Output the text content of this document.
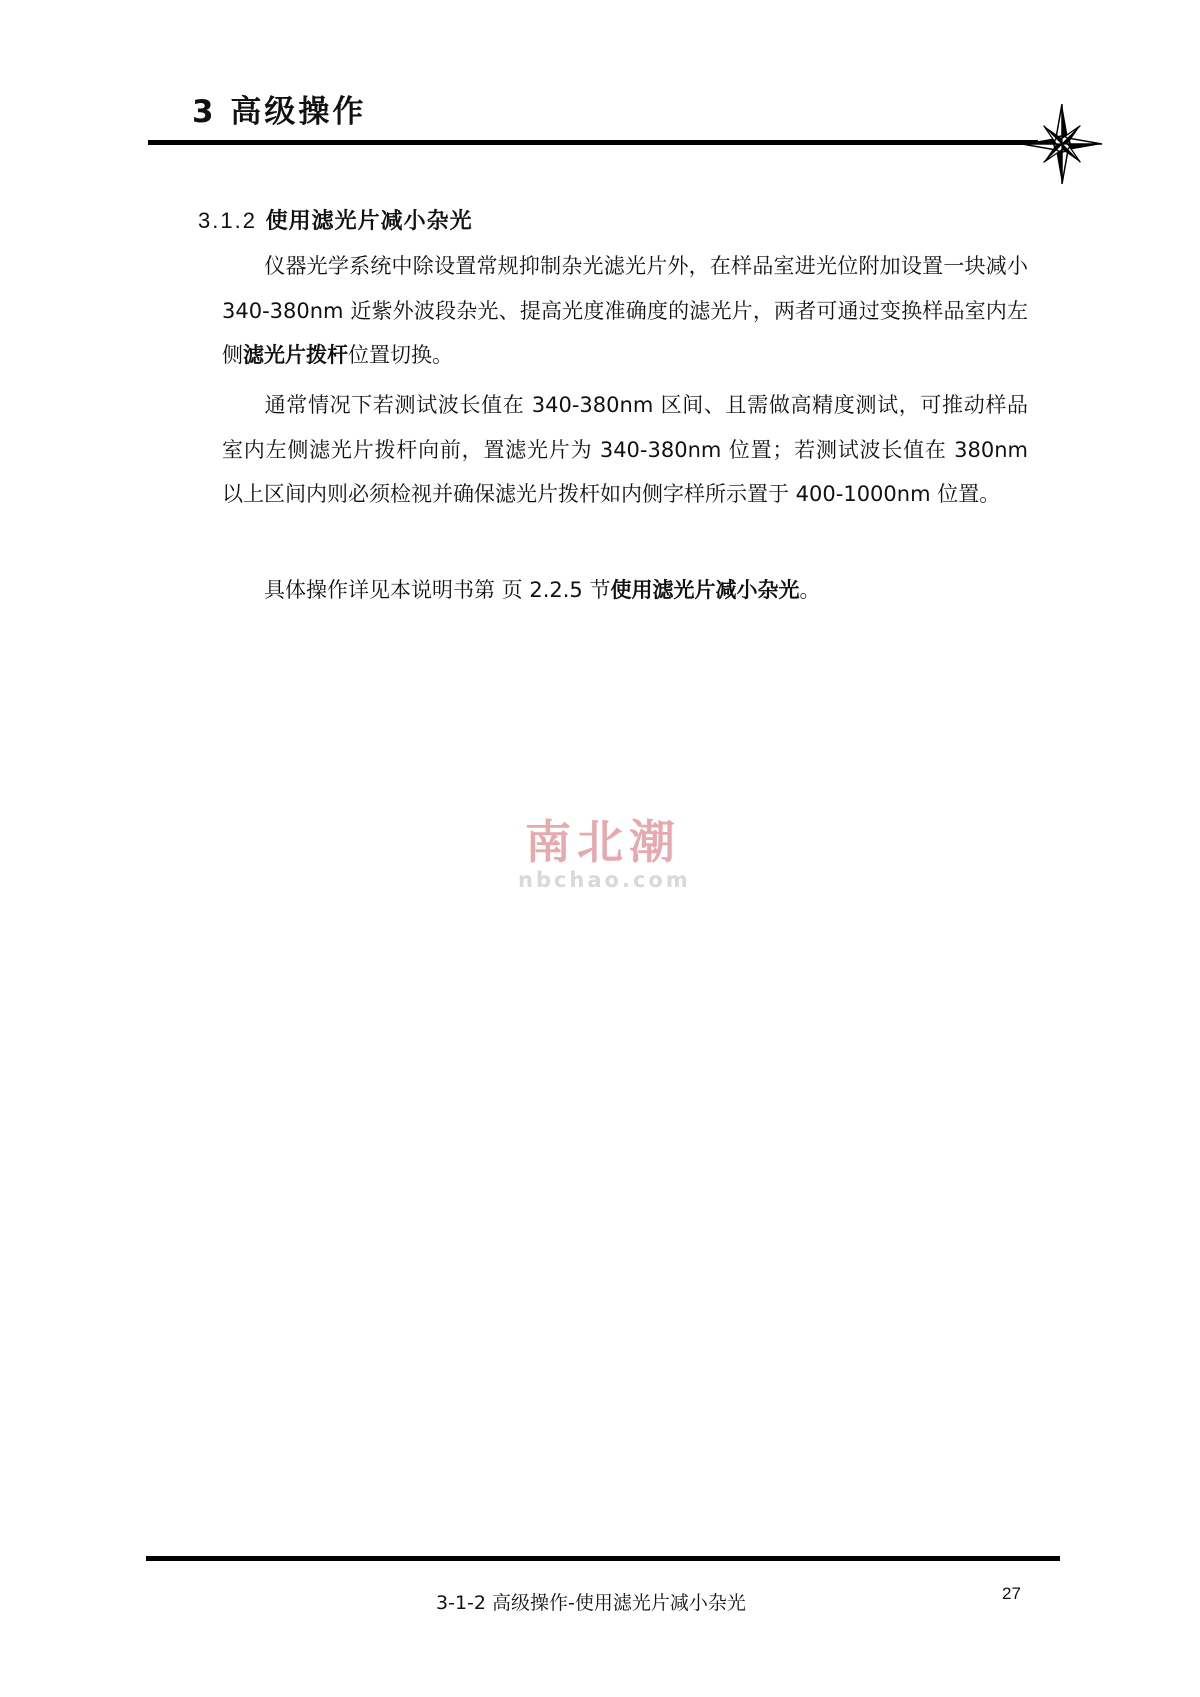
3 高级操作
3.1.2 使用滤光片减小杂光
仪器光学系统中除设置常规抑制杂光滤光片外，在样品室进光位附加设置一块减小 340-380nm 近紫外波段杂光、提高光度准确度的滤光片，两者可通过变换样品室内左侧滤光片拨杆位置切换。
通常情况下若测试波长值在 340-380nm 区间、且需做高精度测试，可推动样品室内左侧滤光片拨杆向前，置滤光片为 340-380nm 位置；若测试波长值在 380nm 以上区间内则必须检视并确保滤光片拨杆如内侧字样所示置于 400-1000nm 位置。
具体操作详见本说明书第 页 2.2.5 节使用滤光片减小杂光。
南北潮
nbchao.com
3-1-2 高级操作-使用滤光片减小杂光	27
